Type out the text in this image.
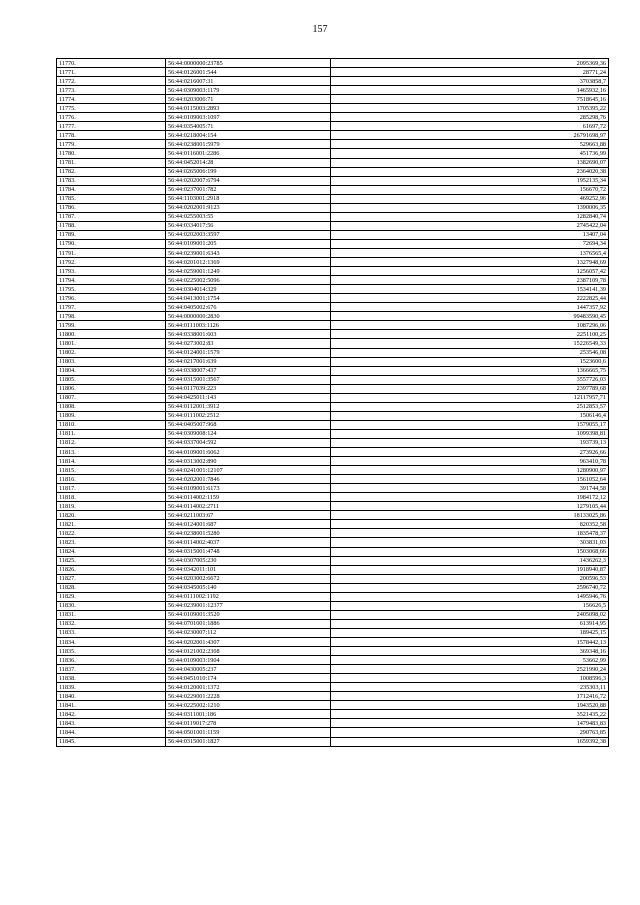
157
11770.	56:44:0000000:23785	2095369,36
11771.	56:44:0126001:544	28771,24
11772.	56:44:0216007:31	3703858,7
11773.	56:44:0309003:1179	1465932,16
11774.	56:44:0203006:71	7518645,16
11775.	56:44:0115003:2893	1705395,22
11776.	56:44:0109003:1097	285298,76
11777.	56:44:0354005:71	61697,72
11778.	56:44:0218004:154	26791698,97
11779.	56:44:0238001:5979	529663,88
11780.	56:44:0116001:2286	451736,99
11781.	56:44:0452014:28	1382690,07
11782.	56:44:0265006:199	2364020,38
11783.	56:44:0202007:6794	1952135,34
11784.	56:44:0237001:782	156670,72
11785.	56:44:1103001:2918	469252,96
11786.	56:44:0202001:9123	1390006,35
11787.	56:44:0255003:55	1282840,74
11788.	56:44:0334017:56	2745422,04
11789.	56:44:0202003:3597	13407,04
11790.	56:44:0109001:205	72694,34
11791.	56:44:0239001:6343	1376565,4
11792.	56:44:0201012:1369	1327948,69
11793.	56:44:0259001:1249	1256057,42
11794.	56:44:0225002:5096	2387109,78
11795.	56:44:0304014:329	1534141,39
11796.	56:44:0413001:1754	2222825,44
11797.	56:44:0405002:676	1447357,92
11798.	56:44:0000000:2830	99483590,45
11799.	56:44:0111003:1126	1087296,06
11800.	56:44:0338001:603	2251100,25
11801.	56:44:0273002:83	15226549,33
11802.	56:44:0124001:1579	253546,08
11803.	56:44:0217001:639	1523600,6
11804.	56:44:0338007:437	1366665,75
11805.	56:44:0315001:3567	3557726,03
11806.	56:44:0117039:223	2397789,68
11807.	56:44:0425011:143	12117957,71
11808.	56:44:0112001:3912	2512853,57
11809.	56:44:0111002:2512	1506146,4
11810.	56:44:0405007:968	1579055,17
11811.	56:44:0309008:124	1099398,81
11812.	56:44:0337004:592	193739,13
11813.	56:44:0109001:6062	273926,66
11814.	56:44:0313002:890	963410,78
11815.	56:44:0241001:12107	1280900,97
11816.	56:44:0202001:7846	1561052,64
11817.	56:44:0109001:6173	391744,58
11818.	56:44:0114002:1159	1984172,12
11819.	56:44:0114002:2711	1279105,44
11820.	56:44:0211003:67	18133025,86
11821.	56:44:0124001:687	820352,58
11822.	56:44:0238001:5280	1835478,37
11823.	56:44:0114002:4037	303831,03
11824.	56:44:0315001:4748	1503068,66
11825.	56:44:0307005:230	1436262,3
11826.	56:44:0342011:101	1918940,87
11827.	56:44:0203002:6672	200596,53
11828.	56:44:0345005:140	2596740,72
11829.	56:44:0111002:1192	1495946,76
11830.	56:44:0239001:12377	156626,5
11831.	56:44:0109001:3520	2405098,02
11832.	56:44:0701001:1886	613914,95
11833.	56:44:0230007:112	189425,15
11834.	56:44:0202001:4307	1578442,13
11835.	56:44:0121002:2308	369348,16
11836.	56:44:0109003:1904	53662,99
11837.	56:44:0430005:237	2521990,24
11838.	56:44:0451010:174	1008596,3
11839.	56:44:0120001:1372	235303,11
11840.	56:44:0229001:2228	1712416,72
11841.	56:44:0225002:1210	1943520,88
11842.	56:44:0311001:186	3521435,22
11843.	56:44:0119017:278	1479483,83
11844.	56:44:0501001:1159	290763,85
11845.	56:44:0315001:1827	1659392,38
